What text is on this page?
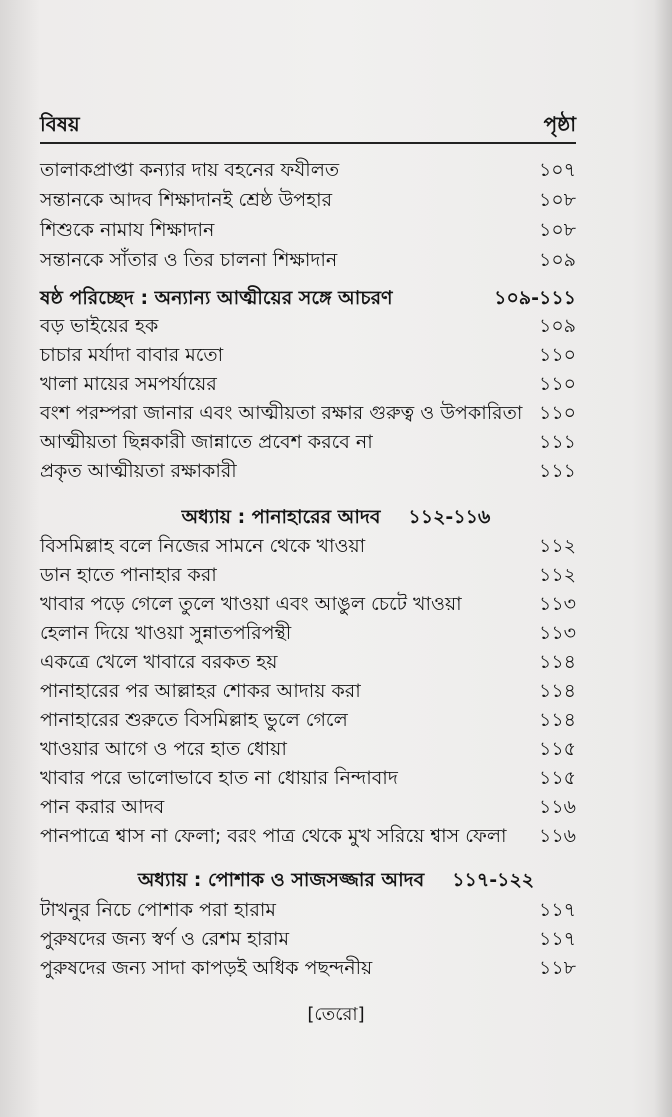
বিষয়	পৃষ্ঠা
তালাকপ্রাপ্তা কন্যার দায় বহনের ফযীলত	১০৭
সন্তানকে আদব শিক্ষাদানই শ্রেষ্ঠ উপহার	১০৮
শিশুকে নামায শিক্ষাদান	১০৮
সন্তানকে সাঁতার ও তির চালনা শিক্ষাদান	১০৯
ষষ্ঠ পরিচ্ছেদ : অন্যান্য আত্মীয়ের সঙ্গে আচরণ	১০৯-১১১
বড় ভাইয়ের হক	১০৯
চাচার মর্যাদা বাবার মতো	১১০
খালা মায়ের সমপর্যায়ের	১১০
বংশ পরম্পরা জানার এবং আত্মীয়তা রক্ষার গুরুত্ব ও উপকারিতা ১১০
আত্মীয়তা ছিন্নকারী জান্নাতে প্রবেশ করবে না	১১১
প্রকৃত আত্মীয়তা রক্ষাকারী	১১১
অধ্যায় : পানাহারের আদব ১১২-১১৬
বিসমিল্লাহ বলে নিজের সামনে থেকে খাওয়া	১১২
ডান হাতে পানাহার করা	১১২
খাবার পড়ে গেলে তুলে খাওয়া এবং আঙুল চেটে খাওয়া	১১৩
হেলান দিয়ে খাওয়া সুন্নাতপরিপন্থী	১১৩
একত্রে খেলে খাবারে বরকত হয়	১১৪
পানাহারের পর আল্লাহর শোকর আদায় করা	১১৪
পানাহারের শুরুতে বিসমিল্লাহ ভুলে গেলে	১১৪
খাওয়ার আগে ও পরে হাত ধোয়া	১১৫
খাবার পরে ভালোভাবে হাত না ধোয়ার নিন্দাবাদ	১১৫
পান করার আদব	১১৬
পানপাত্রে শ্বাস না ফেলা; বরং পাত্র থেকে মুখ সরিয়ে শ্বাস ফেলা ১১৬
অধ্যায় : পোশাক ও সাজসজ্জার আদব ১১৭-১২২
টাখনুর নিচে পোশাক পরা হারাম	১১৭
পুরুষদের জন্য স্বর্ণ ও রেশম হারাম	১১৭
পুরুষদের জন্য সাদা কাপড়ই অধিক পছন্দনীয়	১১৮
[তেরো]
